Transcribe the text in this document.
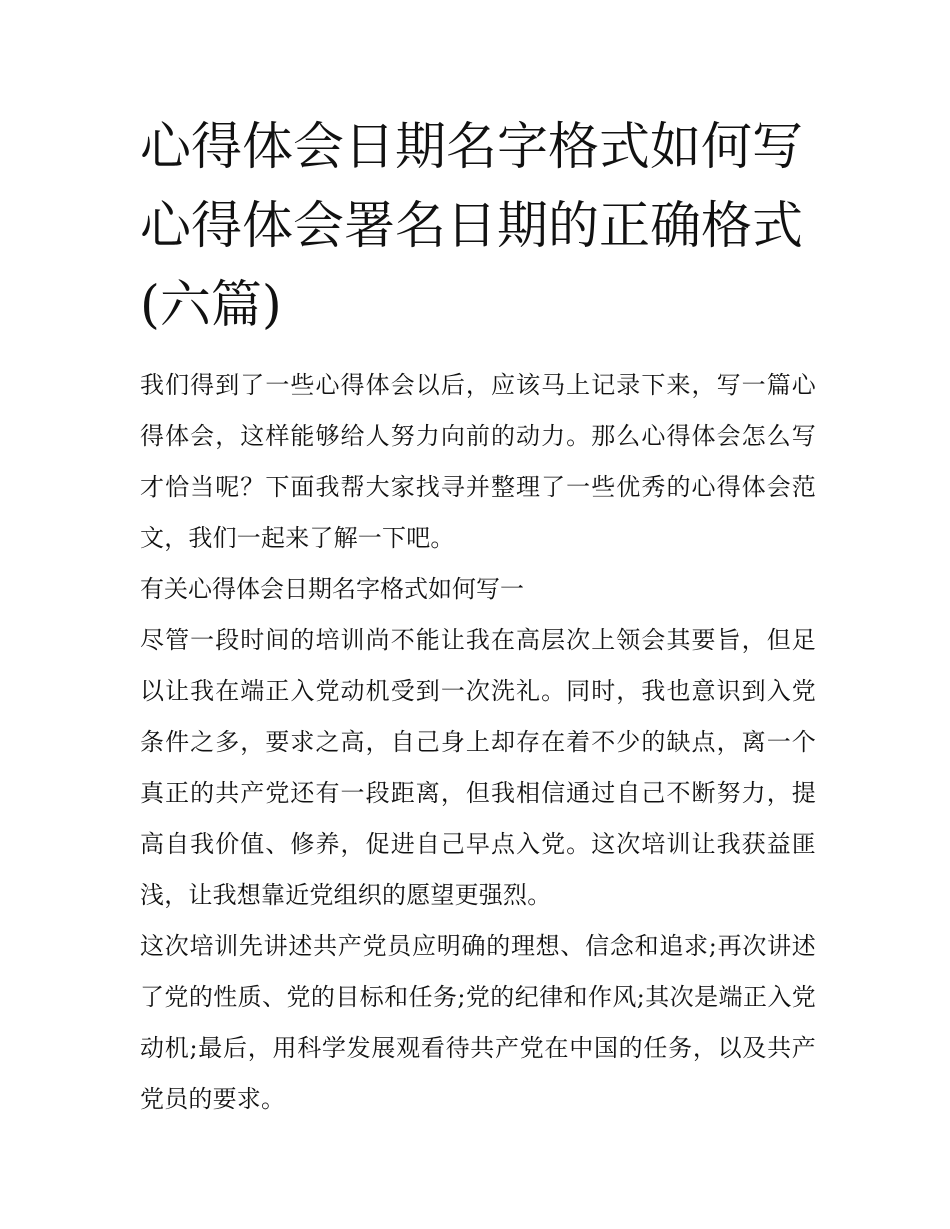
心得体会日期名字格式如何写
心得体会署名日期的正确格式
(六篇)

我们得到了一些心得体会以后，应该马上记录下来，写一篇心得体会，这样能够给人努力向前的动力。那么心得体会怎么写才恰当呢？下面我帮大家找寻并整理了一些优秀的心得体会范文，我们一起来了解一下吧。

有关心得体会日期名字格式如何写一

尽管一段时间的培训尚不能让我在高层次上领会其要旨，但足以让我在端正入党动机受到一次洗礼。同时，我也意识到入党条件之多，要求之高，自己身上却存在着不少的缺点，离一个真正的共产党还有一段距离，但我相信通过自己不断努力，提高自我价值、修养，促进自己早点入党。这次培训让我获益匪浅，让我想靠近党组织的愿望更强烈。

这次培训先讲述共产党员应明确的理想、信念和追求;再次讲述了党的性质、党的目标和任务;党的纪律和作风;其次是端正入党动机;最后，用科学发展观看待共产党在中国的任务，以及共产党员的要求。
